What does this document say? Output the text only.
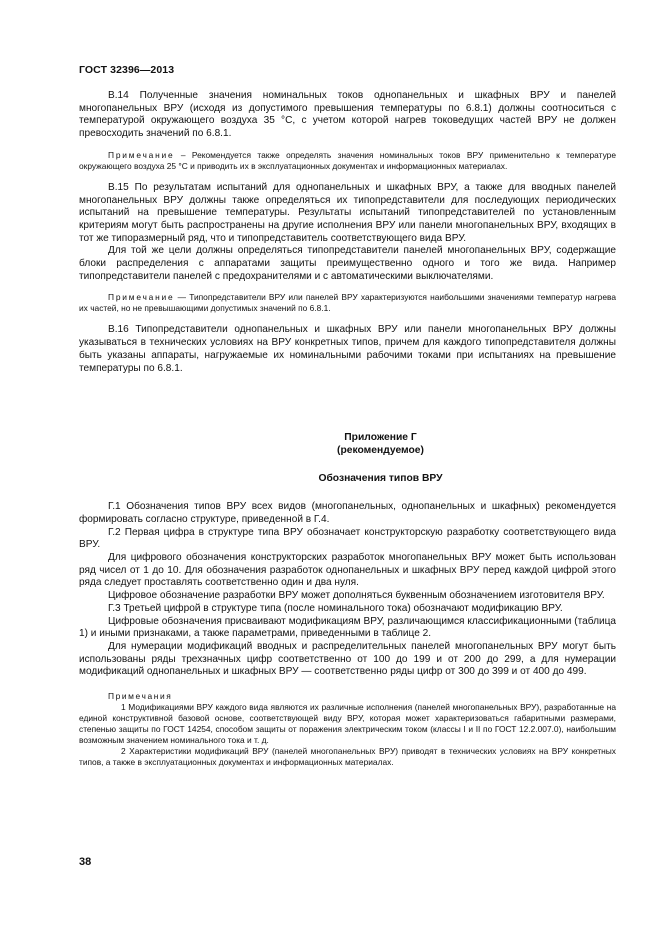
ГОСТ 32396—2013

В.14 Полученные значения номинальных токов однопанельных и шкафных ВРУ и панелей многопанельных ВРУ (исходя из допустимого превышения температуры по 6.8.1) должны соотноситься с температурой окружающего воздуха 35 °С, с учетом которой нагрев токоведущих частей ВРУ не должен превосходить значений по 6.8.1.

Примечание – Рекомендуется также определять значения номинальных токов ВРУ применительно к температуре окружающего воздуха 25 °С и приводить их в эксплуатационных документах и информационных материалах.

В.15 По результатам испытаний для однопанельных и шкафных ВРУ, а также для вводных панелей многопанельных ВРУ должны также определяться их типопредставители для последующих периодических испытаний на превышение температуры. Результаты испытаний типопредставителей по установленным критериям могут быть распространены на другие исполнения ВРУ или панели многопанельных ВРУ, входящих в тот же типоразмерный ряд, что и типопредставитель соответствующего вида ВРУ.

Для той же цели должны определяться типопредставители панелей многопанельных ВРУ, содержащие блоки распределения с аппаратами защиты преимущественно одного и того же вида. Например типопредставители панелей с предохранителями и с автоматическими выключателями.

Примечание — Типопредставители ВРУ или панелей ВРУ характеризуются наибольшими значениями температур нагрева их частей, но не превышающими допустимых значений по 6.8.1.

В.16 Типопредставители однопанельных и шкафных ВРУ или панели многопанельных ВРУ должны указываться в технических условиях на ВРУ конкретных типов, причем для каждого типопредставителя должны быть указаны аппараты, нагружаемые их номинальными рабочими токами при испытаниях на превышение температуры по 6.8.1.

Приложение Г

(рекомендуемое)

Обозначения типов ВРУ

Г.1 Обозначения типов ВРУ всех видов (многопанельных, однопанельных и шкафных) рекомендуется формировать согласно структуре, приведенной в Г.4.

Г.2 Первая цифра в структуре типа ВРУ обозначает конструкторскую разработку соответствующего вида ВРУ.

Для цифрового обозначения конструкторских разработок многопанельных ВРУ может быть использован ряд чисел от 1 до 10. Для обозначения разработок однопанельных и шкафных ВРУ перед каждой цифрой этого ряда следует проставлять соответственно один и два нуля.

Цифровое обозначение разработки ВРУ может дополняться буквенным обозначением изготовителя ВРУ.

Г.3 Третьей цифрой в структуре типа (после номинального тока) обозначают модификацию ВРУ.

Цифровые обозначения присваивают модификациям ВРУ, различающимся классификационными (таблица 1) и иными признаками, а также параметрами, приведенными в таблице 2.

Для нумерации модификаций вводных и распределительных панелей многопанельных ВРУ могут быть использованы ряды трехзначных цифр соответственно от 100 до 199 и от 200 до 299, а для нумерации модификаций однопанельных и шкафных ВРУ — соответственно ряды цифр от 300 до 399 и от 400 до 499.

Примечания

1 Модификациями ВРУ каждого вида являются их различные исполнения (панелей многопанельных ВРУ), разработанные на единой конструктивной базовой основе, соответствующей виду ВРУ, которая может характеризоваться габаритными размерами, степенью защиты по ГОСТ 14254, способом защиты от поражения электрическим током (классы I и II по ГОСТ 12.2.007.0), наибольшим возможным значением номинального тока и т. д.

2 Характеристики модификаций ВРУ (панелей многопанельных ВРУ) приводят в технических условиях на ВРУ конкретных типов, а также в эксплуатационных документах и информационных материалах.

38
